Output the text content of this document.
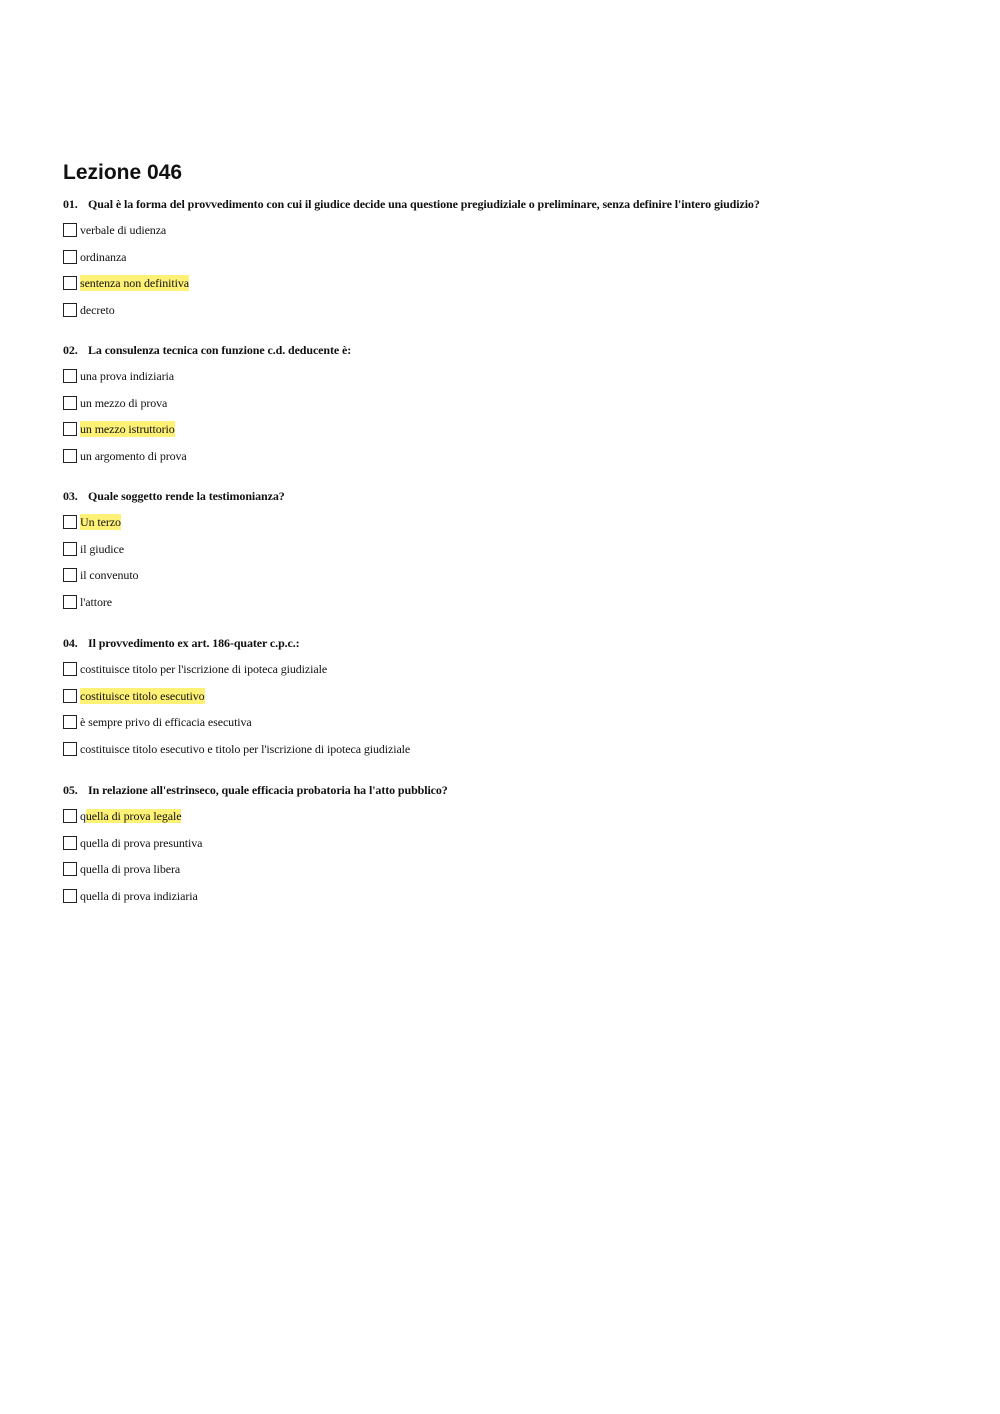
Lezione 046
01. Qual è la forma del provvedimento con cui il giudice decide una questione pregiudiziale o preliminare, senza definire l'intero giudizio?
verbale di udienza
ordinanza
sentenza non definitiva
decreto
02. La consulenza tecnica con funzione c.d. deducente è:
una prova indiziaria
un mezzo di prova
un mezzo istruttorio
un argomento di prova
03. Quale soggetto rende la testimonianza?
Un terzo
il giudice
il convenuto
l'attore
04. Il provvedimento ex art. 186-quater c.p.c.:
costituisce titolo per l'iscrizione di ipoteca giudiziale
costituisce titolo esecutivo
è sempre privo di efficacia esecutiva
costituisce titolo esecutivo e titolo per l'iscrizione di ipoteca giudiziale
05. In relazione all'estrinseco, quale efficacia probatoria ha l'atto pubblico?
quella di prova legale
quella di prova presuntiva
quella di prova libera
quella di prova indiziaria
